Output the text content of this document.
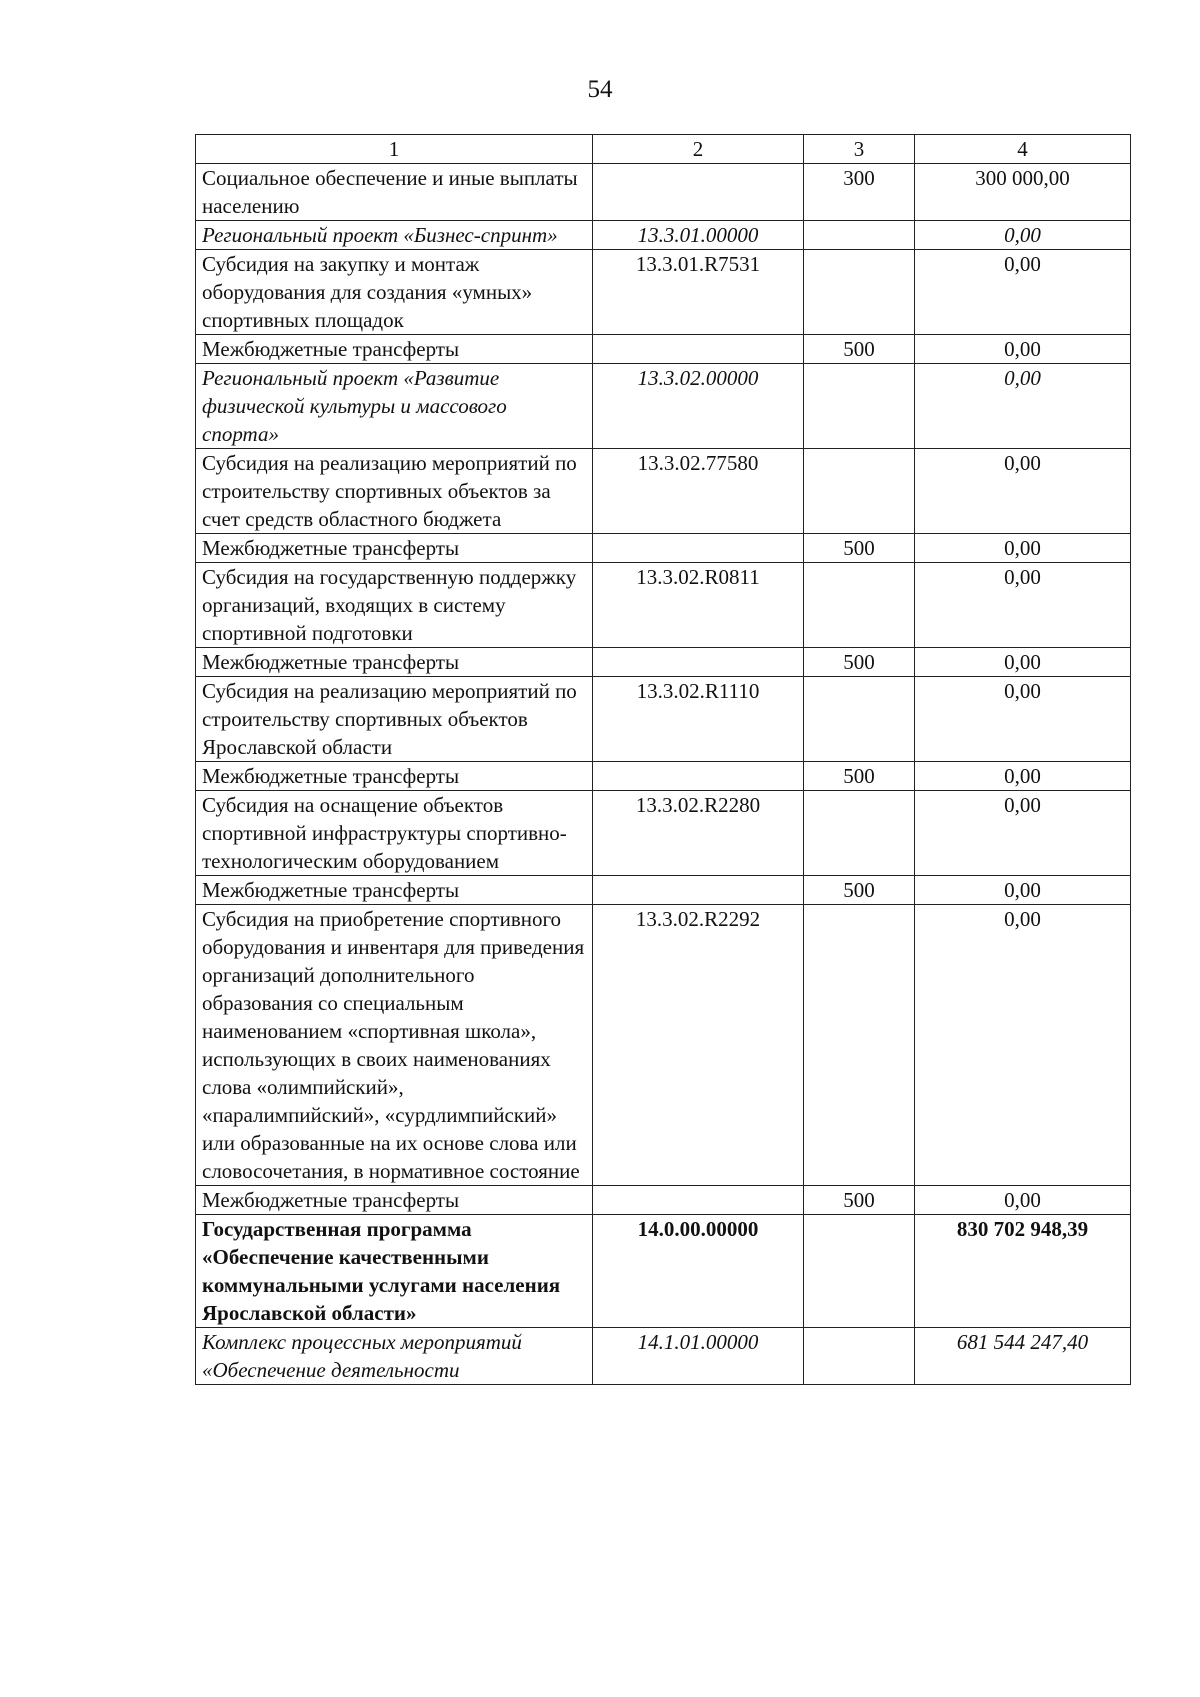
54
1	2	3	4
Социальное обеспечение и иные выплаты населению		300	300 000,00
Региональный проект «Бизнес-спринт»	13.3.01.00000		0,00
Субсидия на закупку и монтаж оборудования для создания «умных» спортивных площадок	13.3.01.R7531		0,00
Межбюджетные трансферты		500	0,00
Региональный проект «Развитие физической культуры и массового спорта»	13.3.02.00000		0,00
Субсидия на реализацию мероприятий по строительству спортивных объектов за счет средств областного бюджета	13.3.02.77580		0,00
Межбюджетные трансферты		500	0,00
Субсидия на государственную поддержку организаций, входящих в систему спортивной подготовки	13.3.02.R0811		0,00
Межбюджетные трансферты		500	0,00
Субсидия на реализацию мероприятий по строительству спортивных объектов Ярославской области	13.3.02.R1110		0,00
Межбюджетные трансферты		500	0,00
Субсидия на оснащение объектов спортивной инфраструктуры спортивно-технологическим оборудованием	13.3.02.R2280		0,00
Межбюджетные трансферты		500	0,00
Субсидия на приобретение спортивного оборудования и инвентаря для приведения организаций дополнительного образования со специальным наименованием «спортивная школа», использующих в своих наименованиях слова «олимпийский», «паралимпийский», «сурдлимпийский» или образованные на их основе слова или словосочетания, в нормативное состояние	13.3.02.R2292		0,00
Межбюджетные трансферты		500	0,00
Государственная программа «Обеспечение качественными коммунальными услугами населения Ярославской области»	14.0.00.00000		830 702 948,39
Комплекс процессных мероприятий «Обеспечение деятельности	14.1.01.00000		681 544 247,40
